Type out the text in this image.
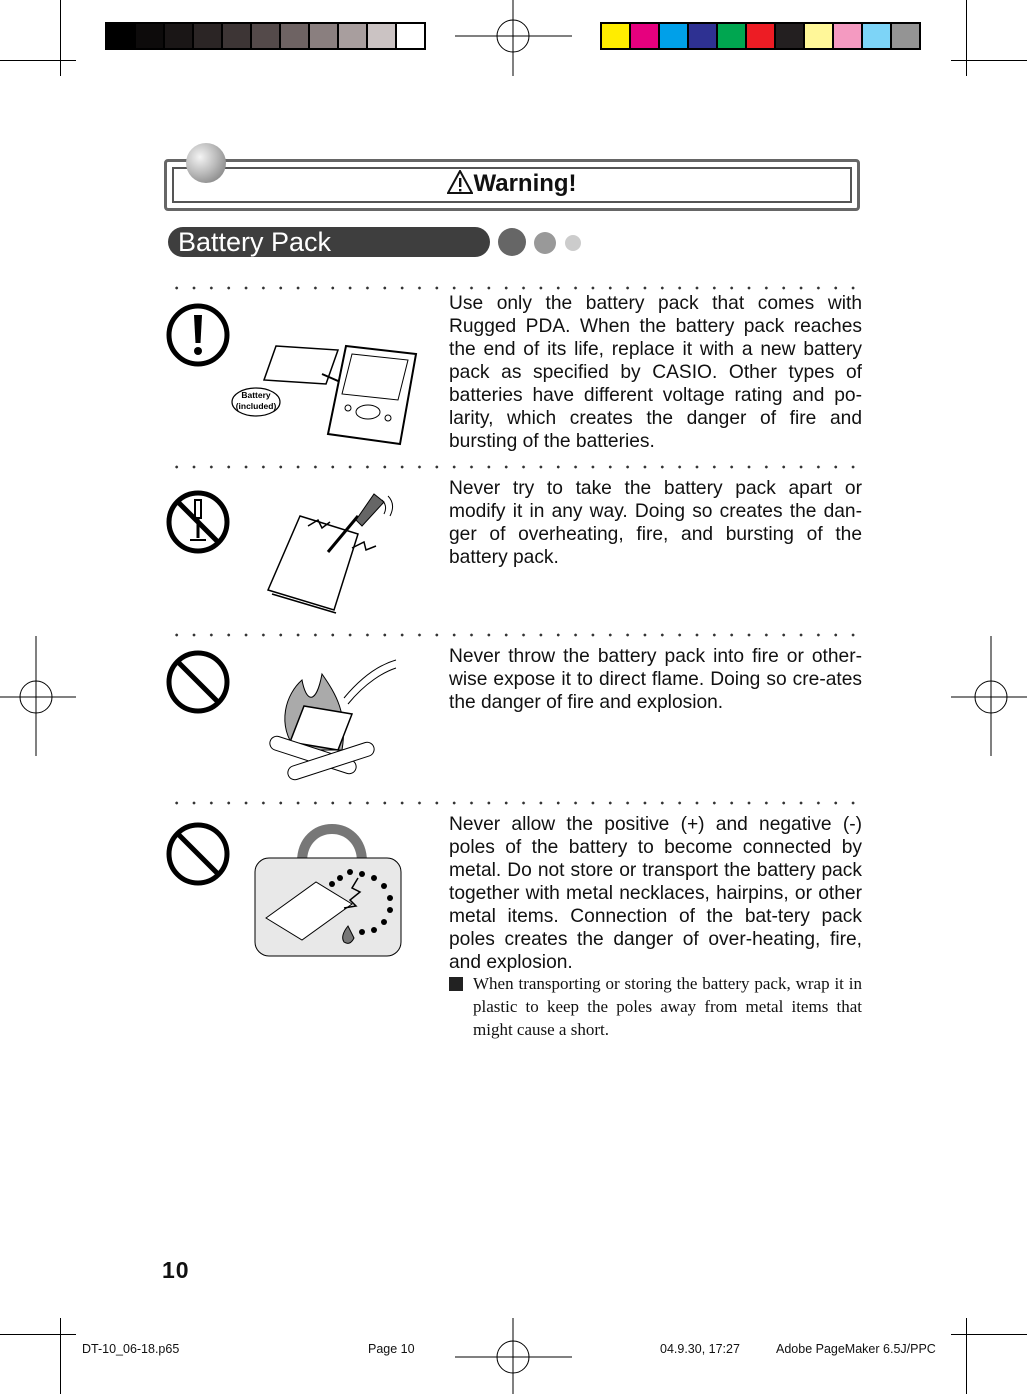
Warning!
Battery Pack
Battery
(included)
Use only the battery pack that comes with Rugged PDA. When the battery pack reaches the end of its life, replace it with a new battery pack as specified by CASIO. Other types of batteries have different voltage rating and po-larity, which creates the danger of fire and bursting of the batteries.
Never try to take the battery pack apart or modify it in any way. Doing so creates the dan-ger of overheating, fire, and bursting of the battery pack.
Never throw the battery pack into fire or other-wise expose it to direct flame. Doing so cre-ates the danger of fire and explosion.
Never allow the positive (+) and negative (-) poles of the battery to become connected by metal. Do not store or transport the battery pack together with metal necklaces, hairpins, or other metal items. Connection of the bat-tery pack poles creates the danger of over-heating, fire, and explosion.
When transporting or storing the battery pack, wrap it in plastic to keep the poles away from metal items that might cause a short.
10
DT-10_06-18.p65	Page 10	04.9.30, 17:27	Adobe PageMaker 6.5J/PPC
